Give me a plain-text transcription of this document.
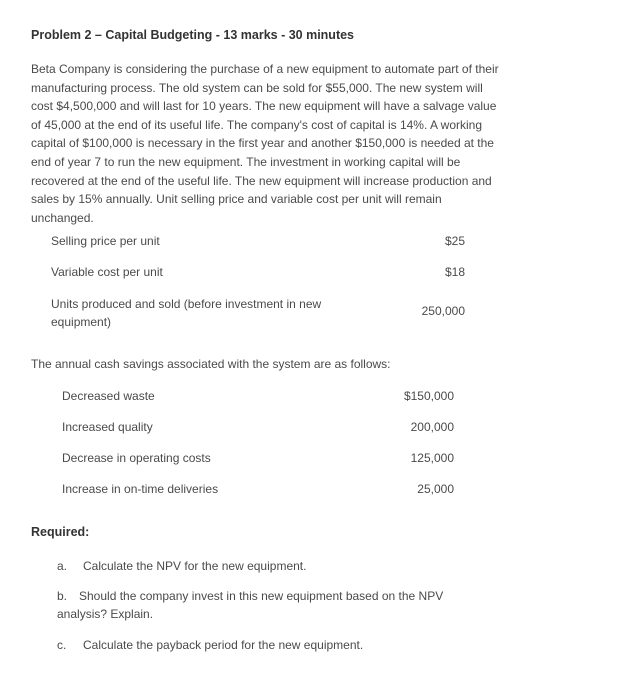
Problem 2 – Capital Budgeting - 13 marks - 30 minutes
Beta Company is considering the purchase of a new equipment to automate part of their manufacturing process. The old system can be sold for $55,000. The new system will cost $4,500,000 and will last for 10 years. The new equipment will have a salvage value of 45,000 at the end of its useful life. The company's cost of capital is 14%. A working capital of $100,000 is necessary in the first year and another $150,000 is needed at the end of year 7 to run the new equipment. The investment in working capital will be recovered at the end of the useful life. The new equipment will increase production and sales by 15% annually. Unit selling price and variable cost per unit will remain unchanged.
Selling price per unit	$25
Variable cost per unit	$18
Units produced and sold (before investment in new equipment)
250,000
The annual cash savings associated with the system are as follows:
Decreased waste	$150,000
Increased quality	200,000
Decrease in operating costs	125,000
Increase in on-time deliveries	25,000
Required:
a. Calculate the NPV for the new equipment.
b. Should the company invest in this new equipment based on the NPV analysis? Explain.
c. Calculate the payback period for the new equipment.
